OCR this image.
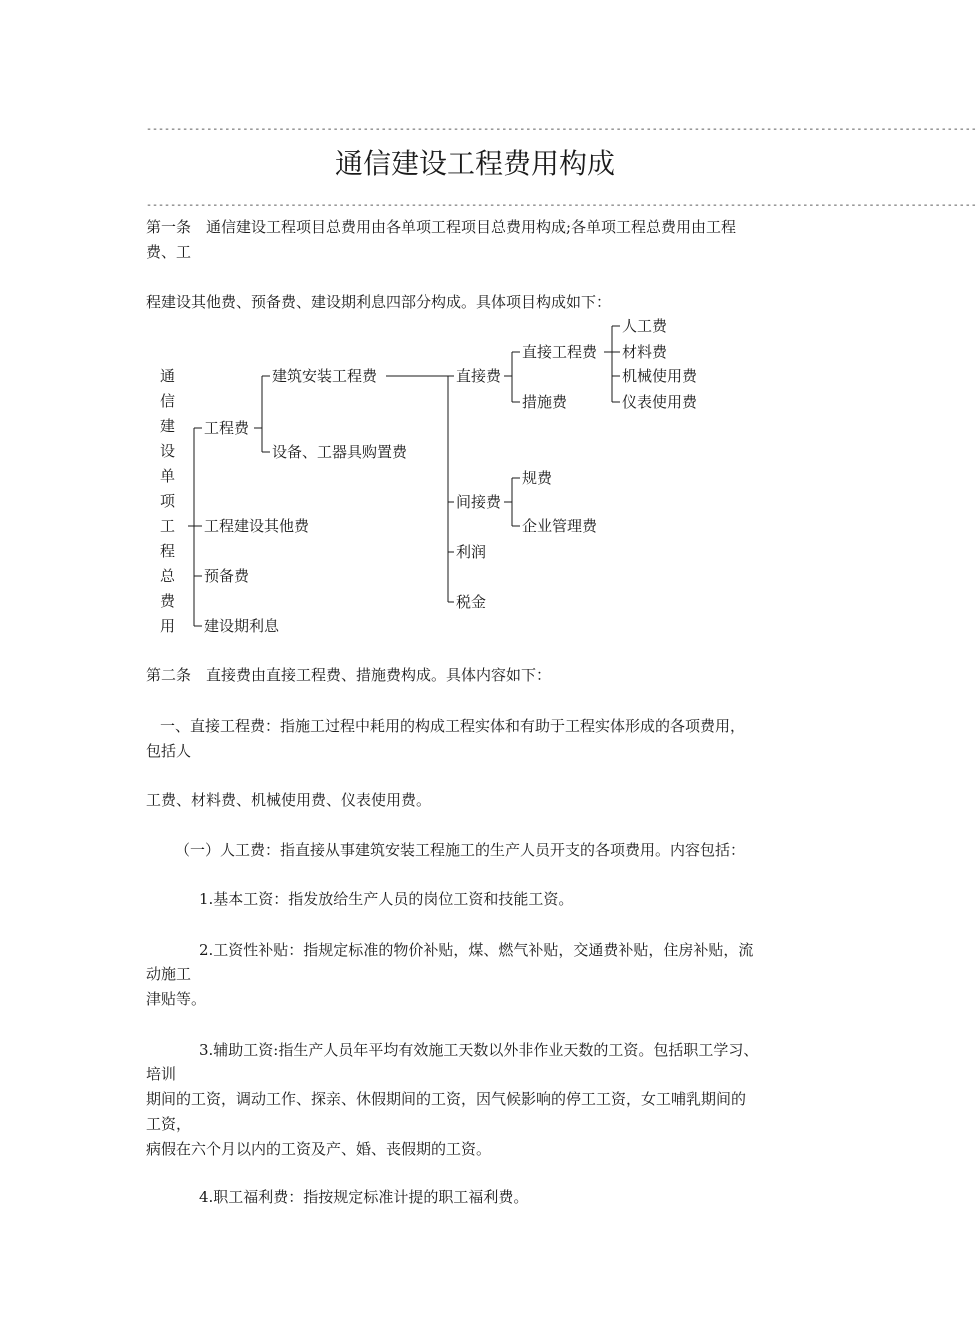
------------------------------------------------------------------------------------------------------------------------------------------
通信建设工程费用构成
------------------------------------------------------------------------------------------------------------------------------------------
第一条　通信建设工程项目总费用由各单项工程项目总费用构成;各单项工程总费用由工程
费、工
程建设其他费、预备费、建设期利息四部分构成。具体项目构成如下：
通
信
建
设
单
项
工
程
总
费
用
工程费
建筑安装工程费
设备、工器具购置费
工程建设其他费
预备费
建设期利息
直接费
直接工程费
措施费
间接费
规费
企业管理费
利润
税金
人工费
材料费
机械使用费
仪表使用费
第二条　直接费由直接工程费、措施费构成。具体内容如下：
一、直接工程费：指施工过程中耗用的构成工程实体和有助于工程实体形成的各项费用，
包括人
工费、材料费、机械使用费、仪表使用费。
（一）人工费：指直接从事建筑安装工程施工的生产人员开支的各项费用。内容包括：
1.基本工资：指发放给生产人员的岗位工资和技能工资。
2.工资性补贴：指规定标准的物价补贴，煤、燃气补贴，交通费补贴，住房补贴，流
动施工
津贴等。
3.辅助工资:指生产人员年平均有效施工天数以外非作业天数的工资。包括职工学习、
培训
期间的工资，调动工作、探亲、休假期间的工资，因气候影响的停工工资，女工哺乳期间的
工资，
病假在六个月以内的工资及产、婚、丧假期的工资。
4.职工福利费：指按规定标准计提的职工福利费。
